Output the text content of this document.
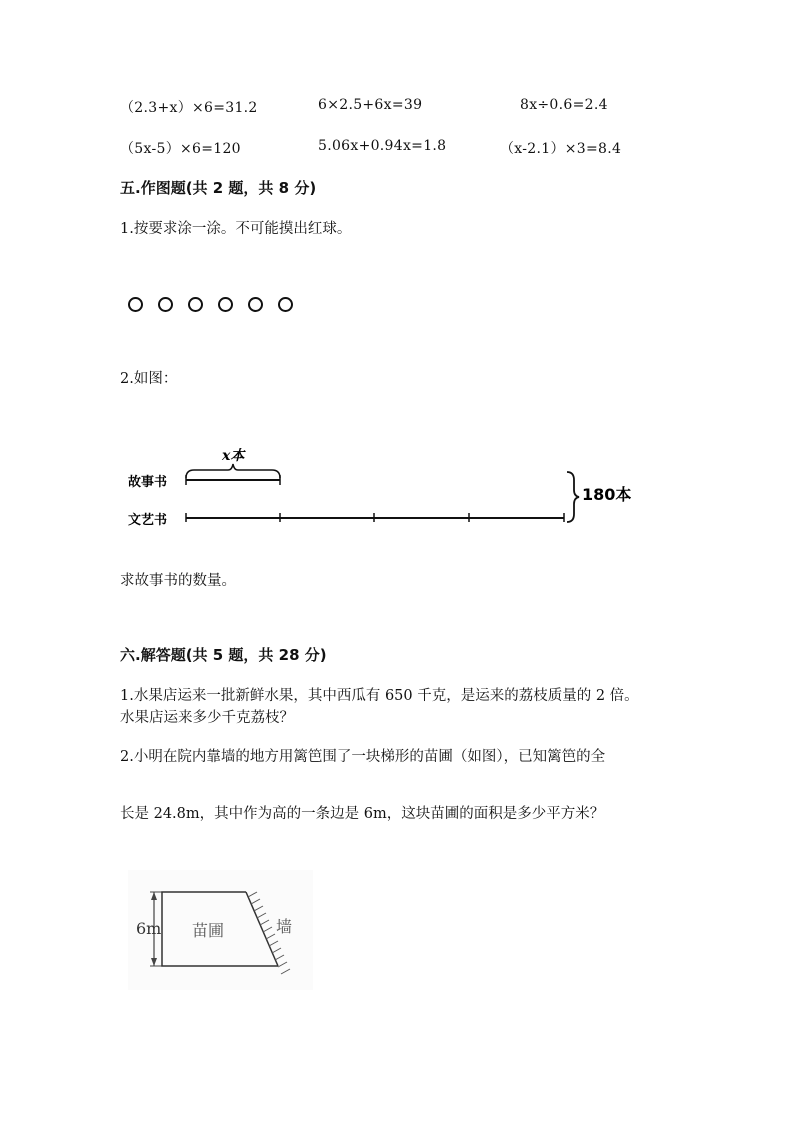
（2.3+x）×6=31.2	6×2.5+6x=39	8x÷0.6=2.4
（5x-5）×6=120	5.06x+0.94x=1.8	（x-2.1）×3=8.4
五.作图题(共 2 题，共 8 分)
1.按要求涂一涂。不可能摸出红球。
2.如图：
x本
故事书
文艺书
180本
求故事书的数量。
六.解答题(共 5 题，共 28 分)
1.水果店运来一批新鲜水果，其中西瓜有 650 千克，是运来的荔枝质量的 2 倍。
水果店运来多少千克荔枝？
2.小明在院内靠墙的地方用篱笆围了一块梯形的苗圃（如图），已知篱笆的全
长是 24.8m，其中作为高的一条边是 6m，这块苗圃的面积是多少平方米？
6m 苗圃	墙
